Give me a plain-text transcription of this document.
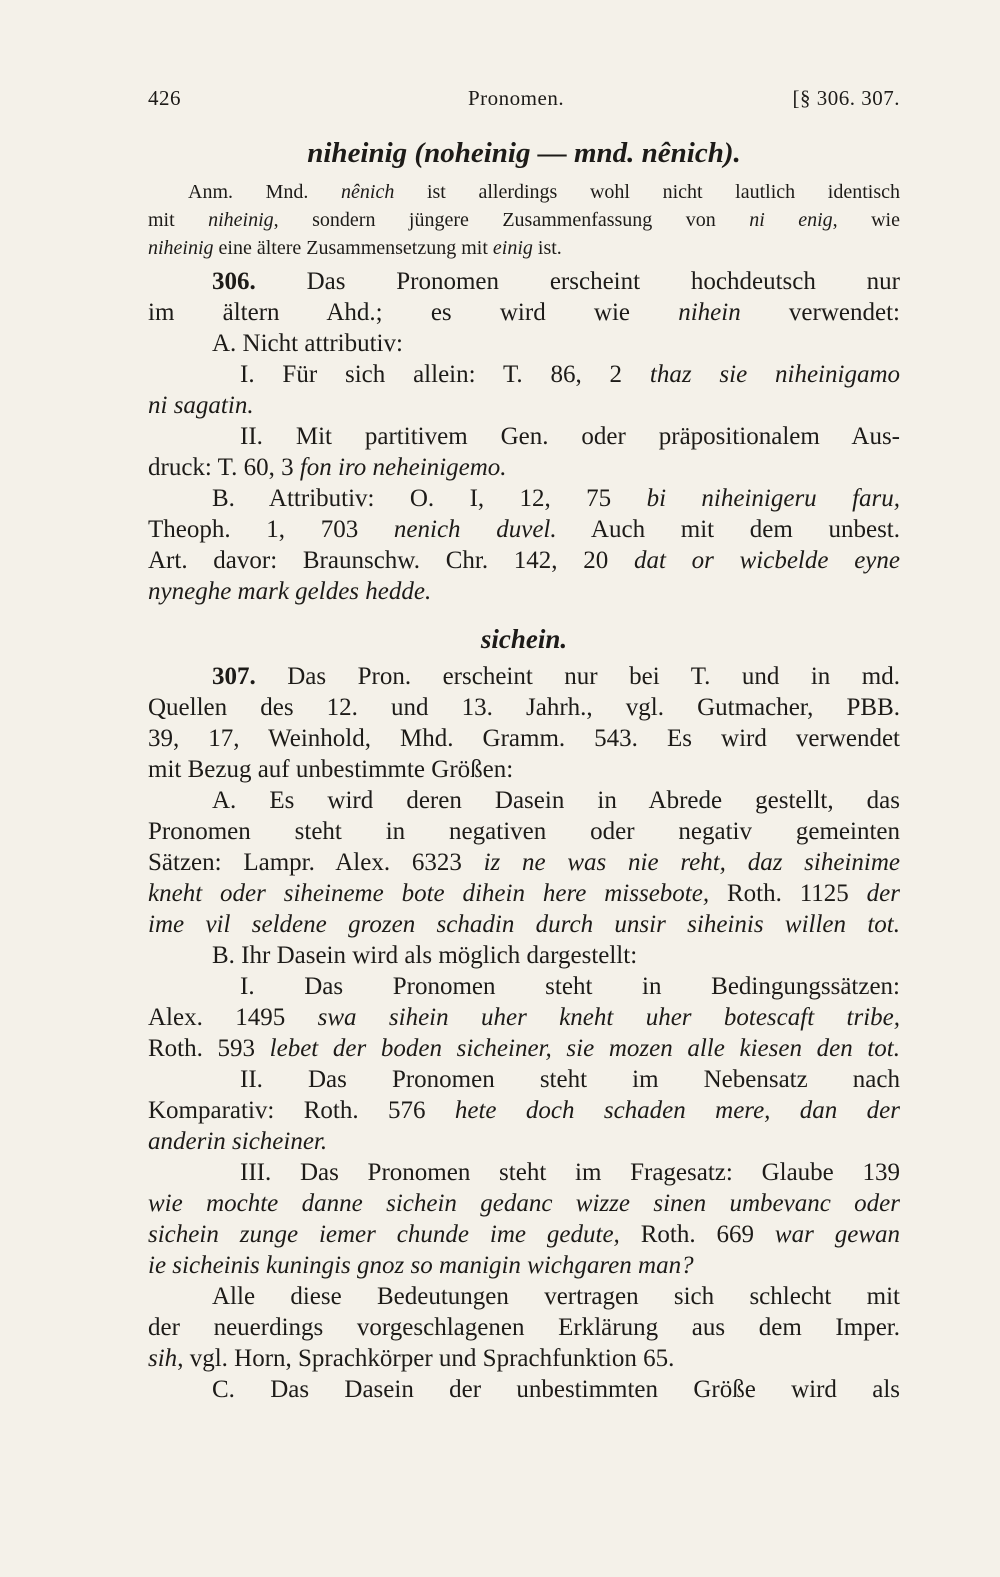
426	Pronomen.	[§ 306. 307.
niheinig (noheinig — mnd. nênich).
Anm. Mnd. nênich ist allerdings wohl nicht lautlich identisch
mit niheinig, sondern jüngere Zusammenfassung von ni enig, wie
niheinig eine ältere Zusammensetzung mit einig ist.
306. Das Pronomen erscheint hochdeutsch nur
im ältern Ahd.; es wird wie nihein verwendet:
A. Nicht attributiv:
I. Für sich allein: T. 86, 2 thaz sie niheinigamo
ni sagatin.
II. Mit partitivem Gen. oder präpositionalem Aus-
druck: T. 60, 3 fon iro neheinigemo.
B. Attributiv: O. I, 12, 75 bi niheinigeru faru,
Theoph. 1, 703 nenich duvel. Auch mit dem unbest.
Art. davor: Braunschw. Chr. 142, 20 dat or wicbelde eyne
nyneghe mark geldes hedde.
sichein.
307. Das Pron. erscheint nur bei T. und in md.
Quellen des 12. und 13. Jahrh., vgl. Gutmacher, PBB.
39, 17, Weinhold, Mhd. Gramm. 543. Es wird verwendet
mit Bezug auf unbestimmte Größen:
A. Es wird deren Dasein in Abrede gestellt, das
Pronomen steht in negativen oder negativ gemeinten
Sätzen: Lampr. Alex. 6323 iz ne was nie reht, daz siheinime
kneht oder siheineme bote dihein here missebote, Roth. 1125 der
ime vil seldene grozen schadin durch unsir siheinis willen tot.
B. Ihr Dasein wird als möglich dargestellt:
I. Das Pronomen steht in Bedingungssätzen:
Alex. 1495 swa sihein uher kneht uher botescaft tribe,
Roth. 593 lebet der boden sicheiner, sie mozen alle kiesen den tot.
II. Das Pronomen steht im Nebensatz nach
Komparativ: Roth. 576 hete doch schaden mere, dan der
anderin sicheiner.
III. Das Pronomen steht im Fragesatz: Glaube 139
wie mochte danne sichein gedanc wizze sinen umbevanc oder
sichein zunge iemer chunde ime gedute, Roth. 669 war gewan
ie sicheinis kuningis gnoz so manigin wichgaren man?
Alle diese Bedeutungen vertragen sich schlecht mit
der neuerdings vorgeschlagenen Erklärung aus dem Imper.
sih, vgl. Horn, Sprachkörper und Sprachfunktion 65.
C. Das Dasein der unbestimmten Größe wird als
